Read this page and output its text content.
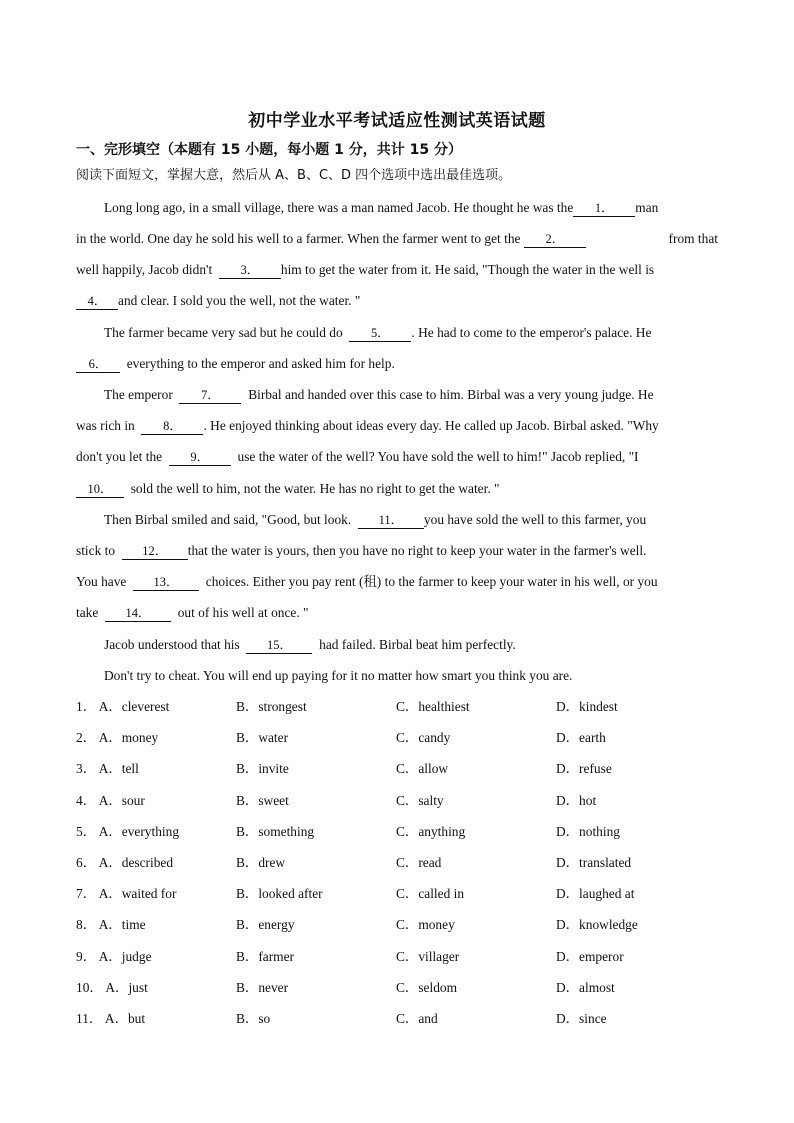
初中学业水平考试适应性测试英语试题
一、完形填空（本题有 15 小题，每小题 1 分，共计 15 分）
阅读下面短文，掌握大意，然后从 A、B、C、D 四个选项中选出最佳选项。
Long long ago, in a small village, there was a man named Jacob. He thought he was the 1． man
in the world. One day he sold his well to a farmer. When the farmer went to get the 2．	from that
well happily, Jacob didn't 3． him to get the water from it. He said, "Though the water in the well is
4． and clear. I sold you the well, not the water. "
The farmer became very sad but he could do 5． . He had to come to the emperor's palace. He
6． everything to the emperor and asked him for help.
The emperor 7． Birbal and handed over this case to him. Birbal was a very young judge. He
was rich in 8． . He enjoyed thinking about ideas every day. He called up Jacob. Birbal asked. "Why
don't you let the 9． use the water of the well? You have sold the well to him!" Jacob replied, "I
10． sold the well to him, not the water. He has no right to get the water. "
Then Birbal smiled and said, "Good, but look. 11． you have sold the well to this farmer, you
stick to 12． that the water is yours, then you have no right to keep your water in the farmer's well.
You have 13． choices. Either you pay rent (租) to the farmer to keep your water in his well, or you
take 14． out of his well at once. "
Jacob understood that his 15． had failed. Birbal beat him perfectly.
Don't try to cheat. You will end up paying for it no matter how smart you think you are.
1． A．cleverest	B．strongest	C．healthiest	D．kindest
2． A．money	B．water	C．candy	D．earth
3． A．tell	B．invite	C．allow	D．refuse
4． A．sour	B．sweet	C．salty	D．hot
5． A．everything	B．something	C．anything	D．nothing
6． A．described	B．drew	C．read	D．translated
7． A．waited for	B．looked after	C．called in	D．laughed at
8． A．time	B．energy	C．money	D．knowledge
9． A．judge	B．farmer	C．villager	D．emperor
10． A．just	B．never	C．seldom	D．almost
11． A．but	B．so	C．and	D．since
